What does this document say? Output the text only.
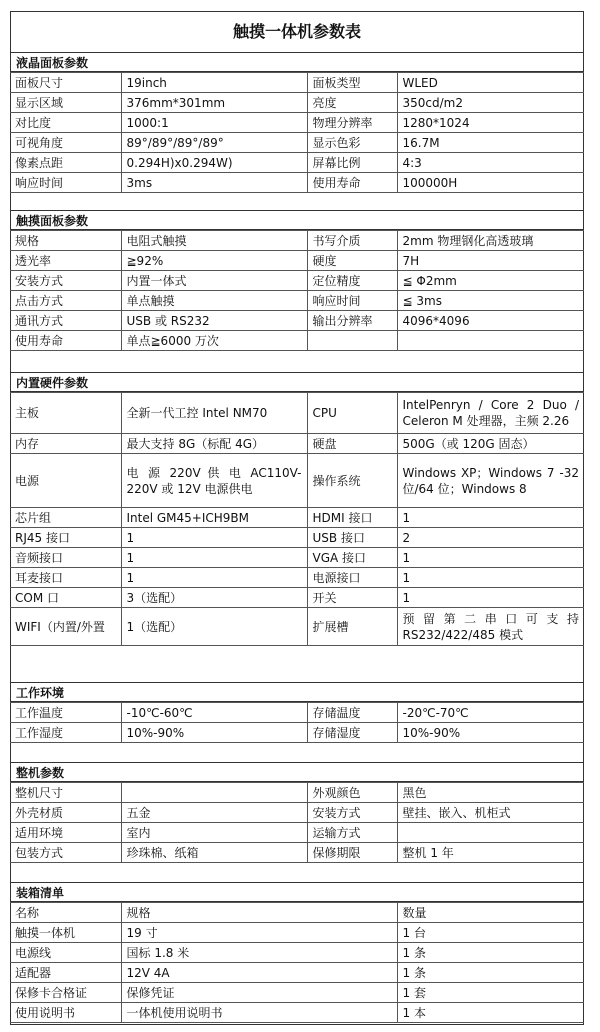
触摸一体机参数表
液晶面板参数
面板尺寸	19inch	面板类型	WLED
显示区域	376mm*301mm	亮度	350cd/m2
对比度	1000:1	物理分辨率	1280*1024
可视角度	89°/89°/89°/89°	显示色彩	16.7M
像素点距	0.294H)x0.294W)	屏幕比例	4:3
响应时间	3ms	使用寿命	100000H
触摸面板参数
规格	电阻式触摸	书写介质	2mm 物理钢化高透玻璃
透光率	≧92%	硬度	7H
安装方式	内置一体式	定位精度	≦ Φ2mm
点击方式	单点触摸	响应时间	≦ 3ms
通讯方式	USB 或 RS232	输出分辨率	4096*4096
使用寿命	单点≧6000 万次		
内置硬件参数
主板	全新一代工控 Intel NM70	CPU	IntelPenryn / Core 2 Duo / Celeron M 处理器，主频 2.26
内存	最大支持 8G（标配 4G）	硬盘	500G（或 120G 固态）
电源	电 源 220V 供 电 AC110V-220V 或 12V 电源供电	操作系统	Windows XP；Windows 7 -32 位/64 位；Windows 8
芯片组	Intel GM45+ICH9BM	HDMI 接口	1
RJ45 接口	1	USB 接口	2
音频接口	1	VGA 接口	1
耳麦接口	1	电源接口	1
COM 口	3（选配）	开关	1
WIFI（内置/外置	1（选配）	扩展槽	预 留 第 二 串 口 可 支 持 RS232/422/485 模式
工作环境
工作温度	-10℃-60℃	存储温度	-20℃-70℃
工作湿度	10%-90%	存储湿度	10%-90%
整机参数
整机尺寸		外观颜色	黑色
外壳材质	五金	安装方式	壁挂、嵌入、机柜式
适用环境	室内	运输方式	
包装方式	珍珠棉、纸箱	保修期限	整机 1 年
装箱清单
名称	规格	数量
触摸一体机	19 寸	1 台
电源线	国标 1.8 米	1 条
适配器	12V 4A	1 条
保修卡合格证	保修凭证	1 套
使用说明书	一体机使用说明书	1 本
